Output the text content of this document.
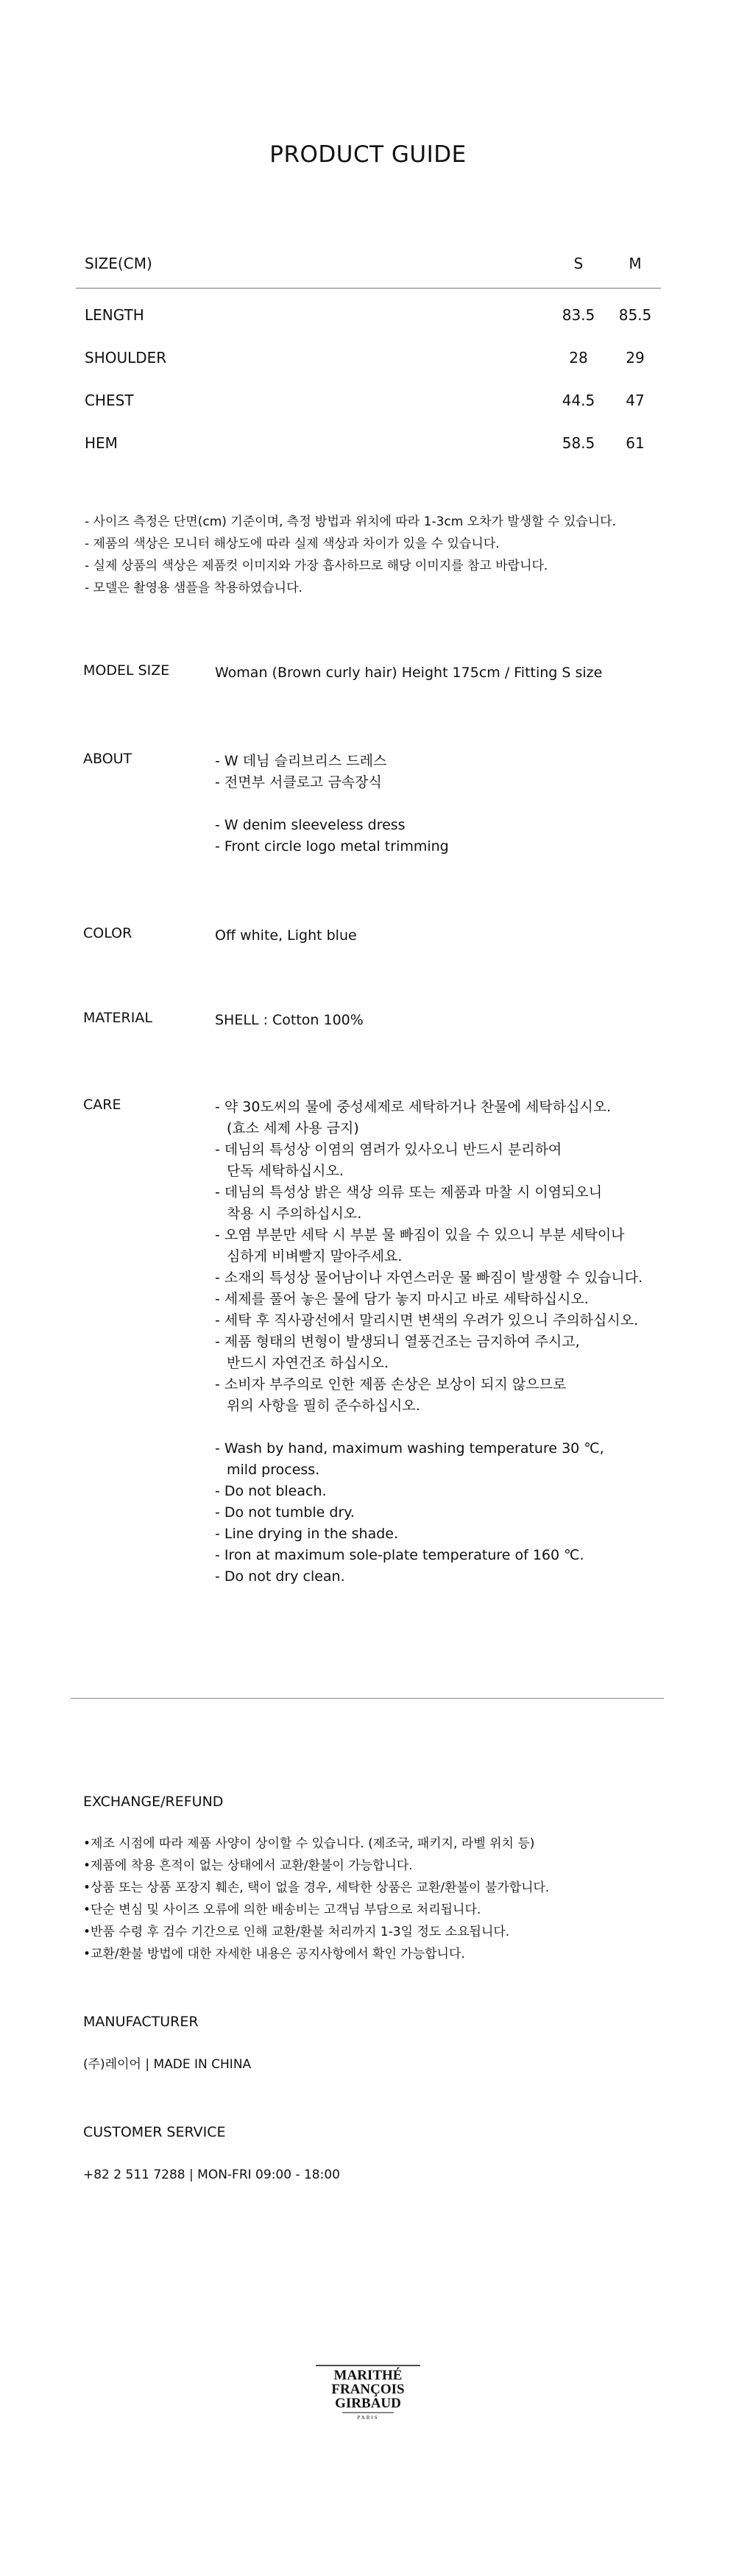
PRODUCT GUIDE
SIZE(CM)	S	M
LENGTH	83.5	85.5
SHOULDER	28	29
CHEST	44.5	47
HEM	58.5	61
- 사이즈 측정은 단면(cm) 기준이며, 측정 방법과 위치에 따라 1-3cm 오차가 발생할 수 있습니다.
- 제품의 색상은 모니터 해상도에 따라 실제 색상과 차이가 있을 수 있습니다.
- 실제 상품의 색상은 제품컷 이미지와 가장 흡사하므로 해당 이미지를 참고 바랍니다.
- 모델은 촬영용 샘플을 착용하였습니다.
MODEL SIZE	Woman (Brown curly hair) Height 175cm / Fitting S size
ABOUT	- W 데님 슬리브리스 드레스
- 전면부 서클로고 금속장식
- W denim sleeveless dress
- Front circle logo metal trimming
COLOR	Off white, Light blue
MATERIAL	SHELL : Cotton 100%
CARE	- 약 30도씨의 물에 중성세제로 세탁하거나 찬물에 세탁하십시오.
(효소 세제 사용 금지)
- 데님의 특성상 이염의 염려가 있사오니 반드시 분리하여
단독 세탁하십시오.
- 데님의 특성상 밝은 색상 의류 또는 제품과 마찰 시 이염되오니
착용 시 주의하십시오.
- 오염 부분만 세탁 시 부분 물 빠짐이 있을 수 있으니 부분 세탁이나
심하게 비벼빨지 말아주세요.
- 소재의 특성상 물어남이나 자연스러운 물 빠짐이 발생할 수 있습니다.
- 세제를 풀어 놓은 물에 담가 놓지 마시고 바로 세탁하십시오.
- 세탁 후 직사광선에서 말리시면 변색의 우려가 있으니 주의하십시오.
- 제품 형태의 변형이 발생되니 열풍건조는 금지하여 주시고,
반드시 자연건조 하십시오.
- 소비자 부주의로 인한 제품 손상은 보상이 되지 않으므로
위의 사항을 필히 준수하십시오.
- Wash by hand, maximum washing temperature 30 ℃,
mild process.
- Do not bleach.
- Do not tumble dry.
- Line drying in the shade.
- Iron at maximum sole-plate temperature of 160 ℃.
- Do not dry clean.
EXCHANGE/REFUND
•제조 시점에 따라 제품 사양이 상이할 수 있습니다. (제조국, 패키지, 라벨 위치 등)
•제품에 착용 흔적이 없는 상태에서 교환/환불이 가능합니다.
•상품 또는 상품 포장지 훼손, 택이 없을 경우, 세탁한 상품은 교환/환불이 불가합니다.
•단순 변심 및 사이즈 오류에 의한 배송비는 고객님 부담으로 처리됩니다.
•반품 수령 후 검수 기간으로 인해 교환/환불 처리까지 1-3일 정도 소요됩니다.
•교환/환불 방법에 대한 자세한 내용은 공지사항에서 확인 가능합니다.
MANUFACTURER
(주)레이어 | MADE IN CHINA
CUSTOMER SERVICE
+82 2 511 7288 | MON-FRI 09:00 - 18:00
MARITHÉ
FRANÇOIS
GIRBAUD
PARIS
